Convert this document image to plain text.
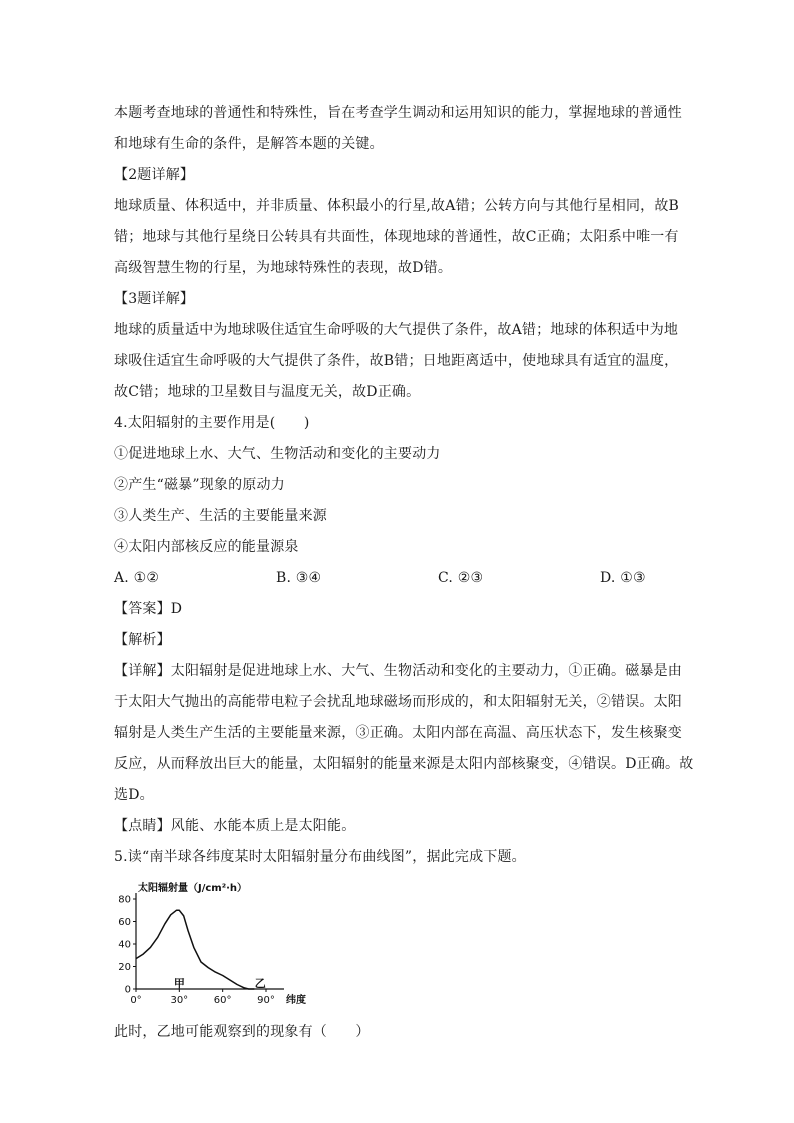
本题考查地球的普通性和特殊性，旨在考查学生调动和运用知识的能力，掌握地球的普通性
和地球有生命的条件，是解答本题的关键。
【2题详解】
地球质量、体积适中，并非质量、体积最小的行星,故A错；公转方向与其他行星相同，故B
错；地球与其他行星绕日公转具有共面性，体现地球的普通性，故C正确；太阳系中唯一有
高级智慧生物的行星，为地球特殊性的表现，故D错。
【3题详解】
地球的质量适中为地球吸住适宜生命呼吸的大气提供了条件，故A错；地球的体积适中为地
球吸住适宜生命呼吸的大气提供了条件，故B错；日地距离适中，使地球具有适宜的温度，
故C错；地球的卫星数目与温度无关，故D正确。
4.太阳辐射的主要作用是(　　)
①促进地球上水、大气、生物活动和变化的主要动力
②产生“磁暴”现象的原动力
③人类生产、生活的主要能量来源
④太阳内部核反应的能量源泉
A. ①②	B. ③④	C. ②③	D. ①③
【答案】D
【解析】
【详解】太阳辐射是促进地球上水、大气、生物活动和变化的主要动力，①正确。磁暴是由
于太阳大气抛出的高能带电粒子会扰乱地球磁场而形成的，和太阳辐射无关，②错误。太阳
辐射是人类生产生活的主要能量来源，③正确。太阳内部在高温、高压状态下，发生核聚变
反应，从而释放出巨大的能量，太阳辐射的能量来源是太阳内部核聚变，④错误。D正确。故
选D。
【点睛】风能、水能本质上是太阳能。
5.读“南半球各纬度某时太阳辐射量分布曲线图”，据此完成下题。
0
20
40
60
80
0°	30°	60°	90° 纬度
太阳辐射量（J/cm²·h）
甲	乙
此时，乙地可能观察到的现象有（　　）
